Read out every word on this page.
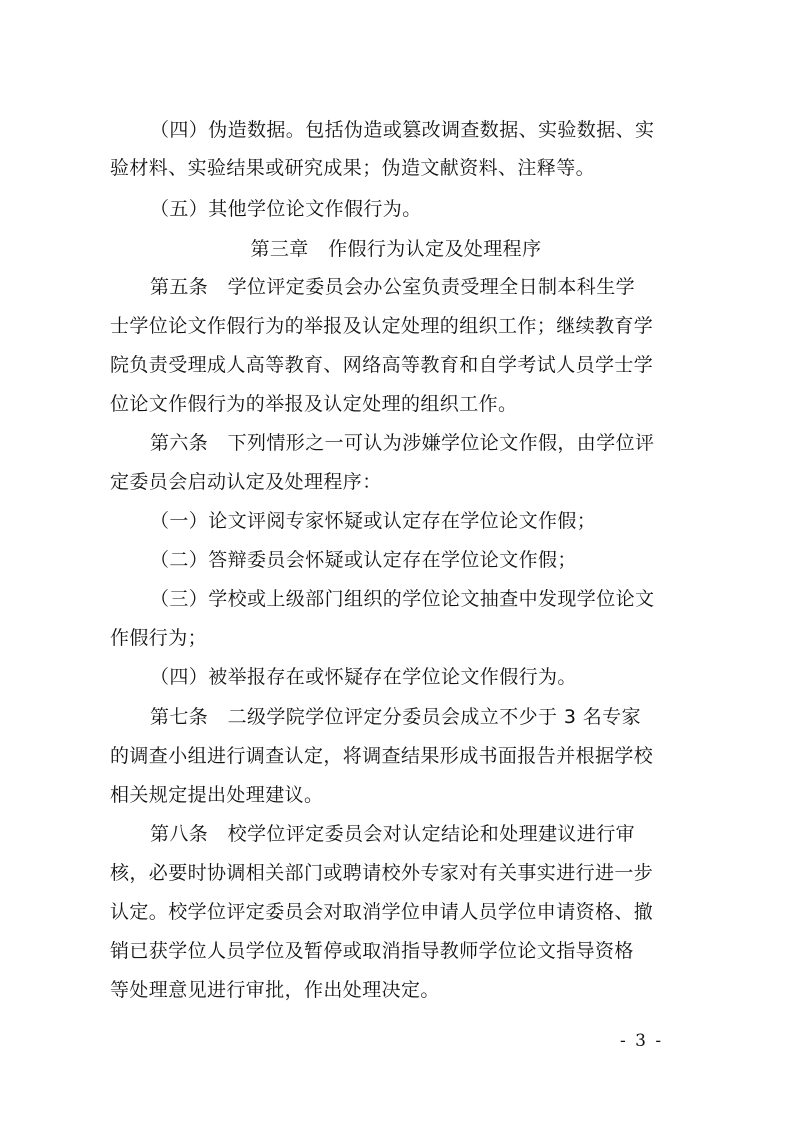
（四）伪造数据。包括伪造或篡改调查数据、实验数据、实
验材料、实验结果或研究成果；伪造文献资料、注释等。
（五）其他学位论文作假行为。
第三章　作假行为认定及处理程序
第五条　学位评定委员会办公室负责受理全日制本科生学
士学位论文作假行为的举报及认定处理的组织工作；继续教育学
院负责受理成人高等教育、网络高等教育和自学考试人员学士学
位论文作假行为的举报及认定处理的组织工作。
第六条　下列情形之一可认为涉嫌学位论文作假，由学位评
定委员会启动认定及处理程序：
（一）论文评阅专家怀疑或认定存在学位论文作假；
（二）答辩委员会怀疑或认定存在学位论文作假；
（三）学校或上级部门组织的学位论文抽查中发现学位论文
作假行为；
（四）被举报存在或怀疑存在学位论文作假行为。
第七条　二级学院学位评定分委员会成立不少于 3 名专家
的调查小组进行调查认定，将调查结果形成书面报告并根据学校
相关规定提出处理建议。
第八条　校学位评定委员会对认定结论和处理建议进行审
核，必要时协调相关部门或聘请校外专家对有关事实进行进一步
认定。校学位评定委员会对取消学位申请人员学位申请资格、撤
销已获学位人员学位及暂停或取消指导教师学位论文指导资格
等处理意见进行审批，作出处理决定。
- 3 -
